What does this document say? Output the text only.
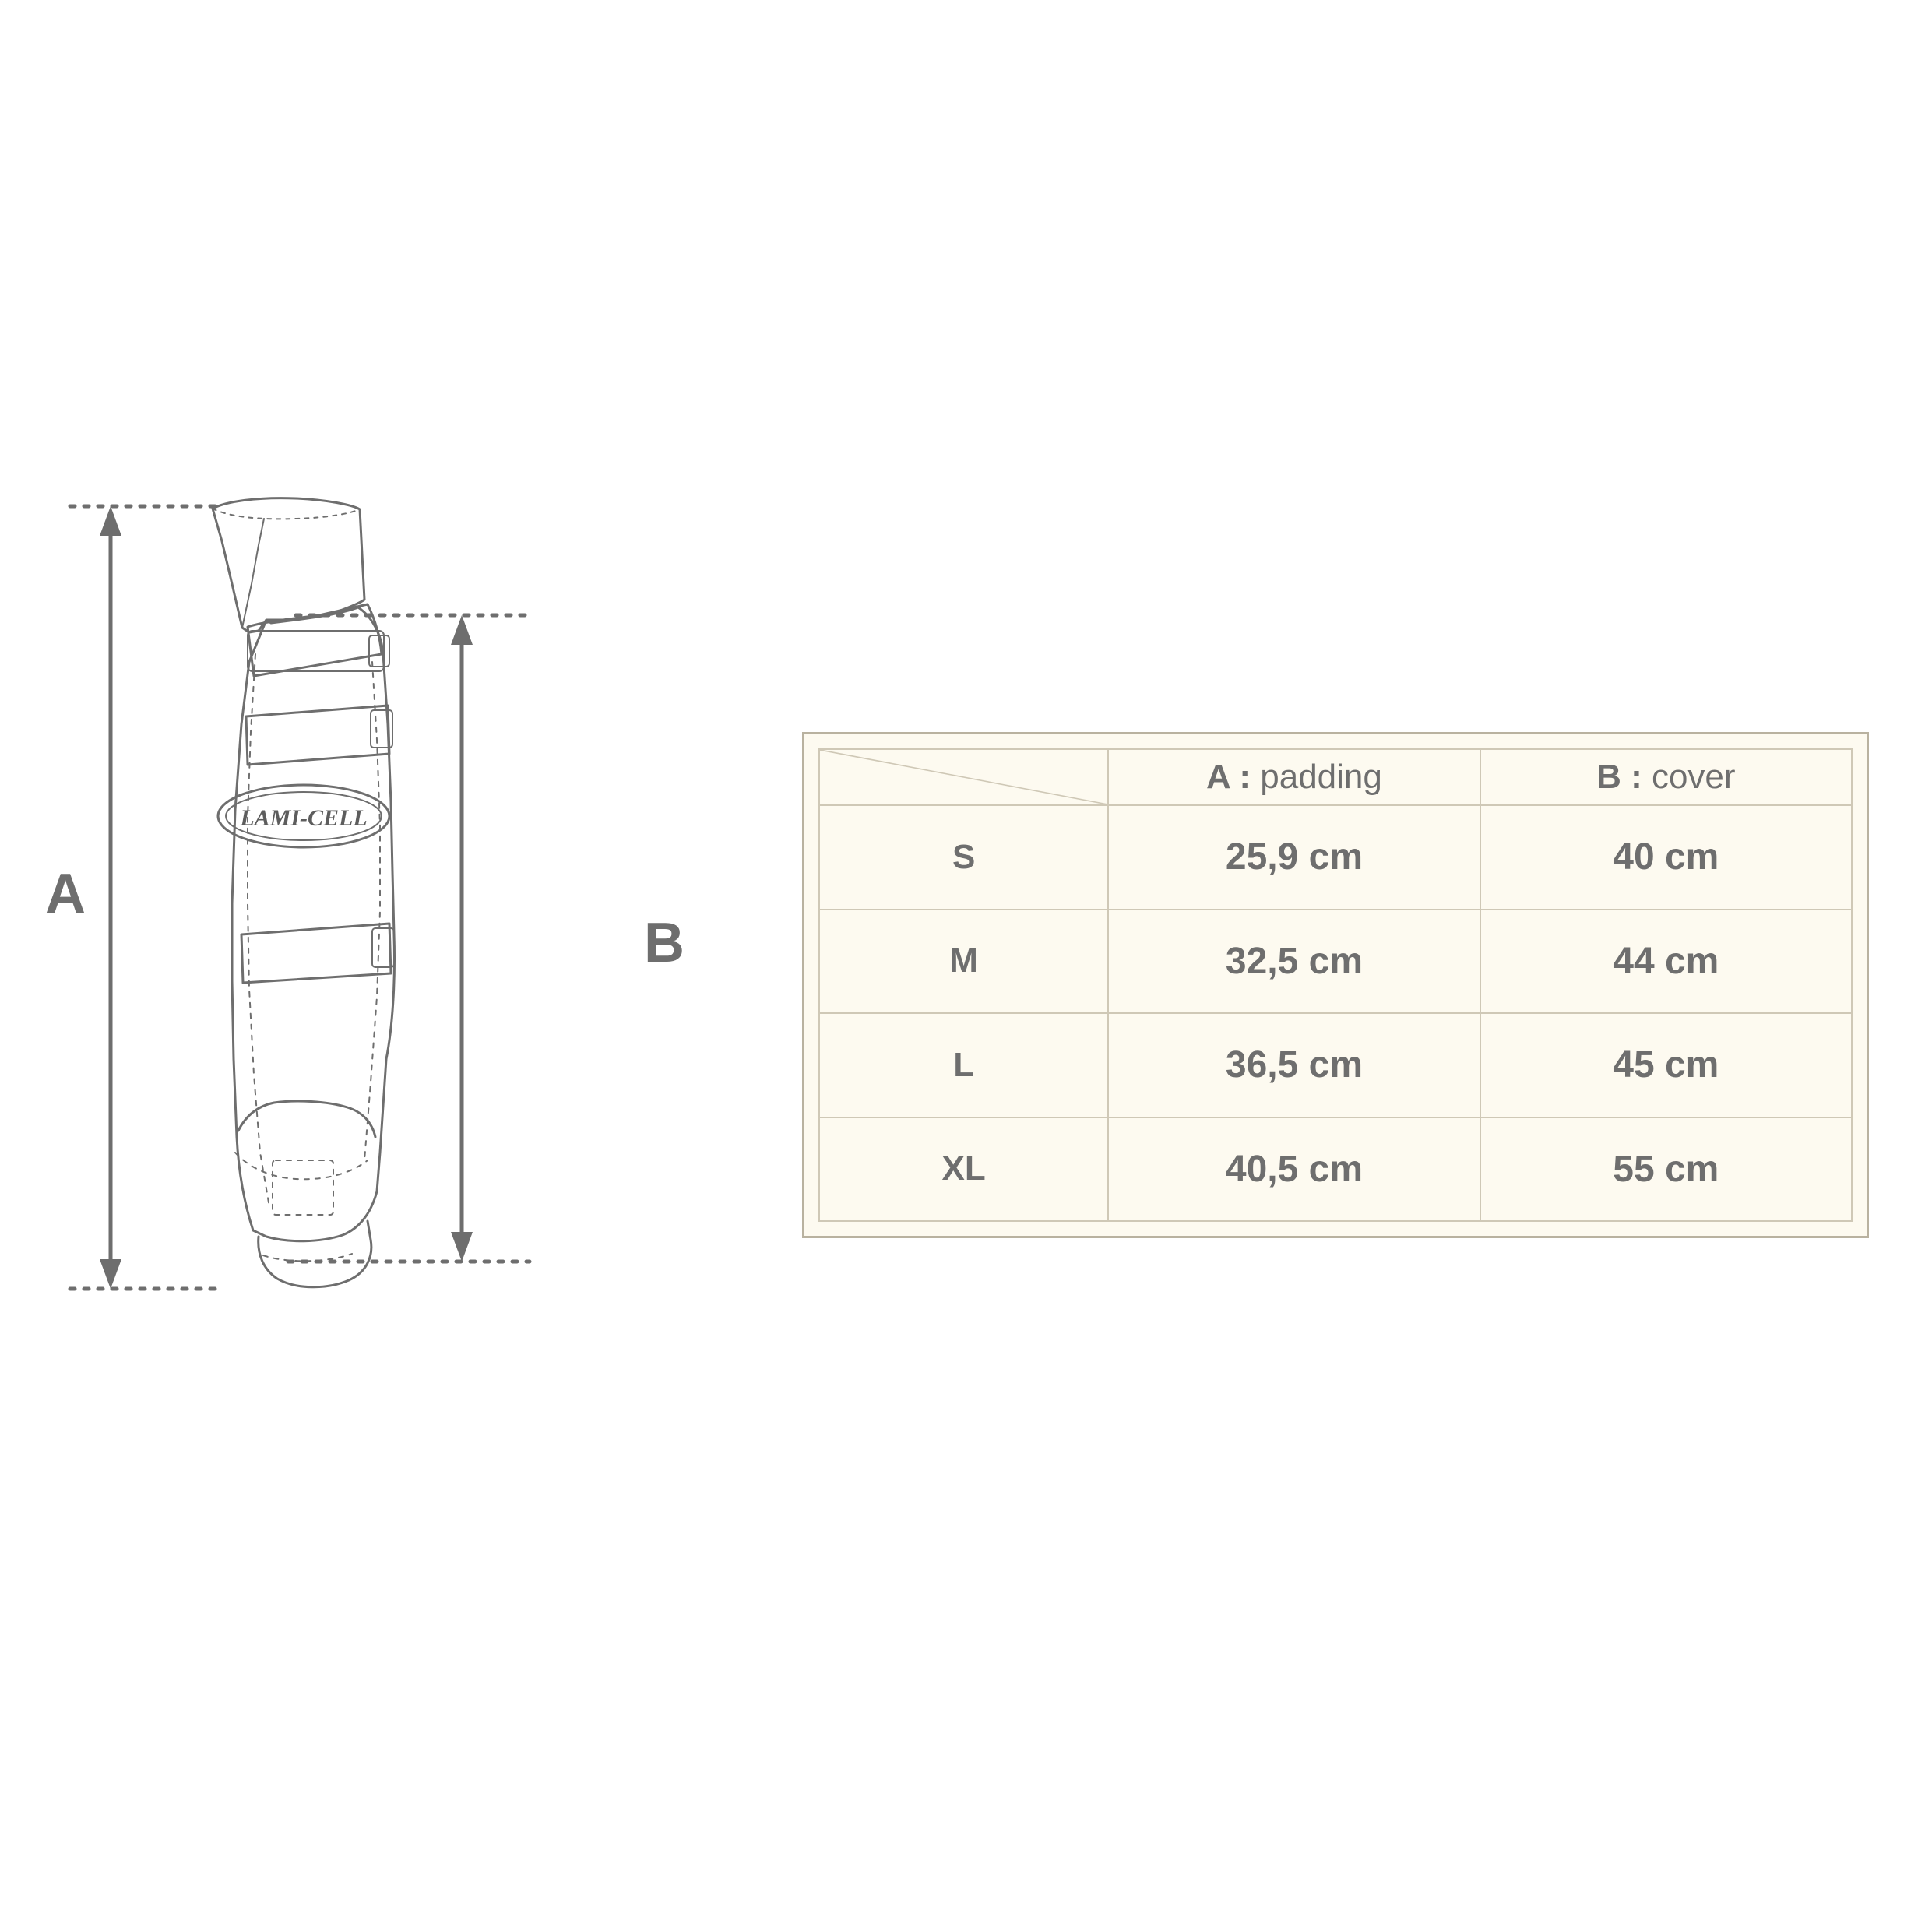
A
B
LAMI-CELL
	A : padding	B : cover
S	25,9 cm	40 cm
M	32,5 cm	44 cm
L	36,5 cm	45 cm
XL	40,5 cm	55 cm
